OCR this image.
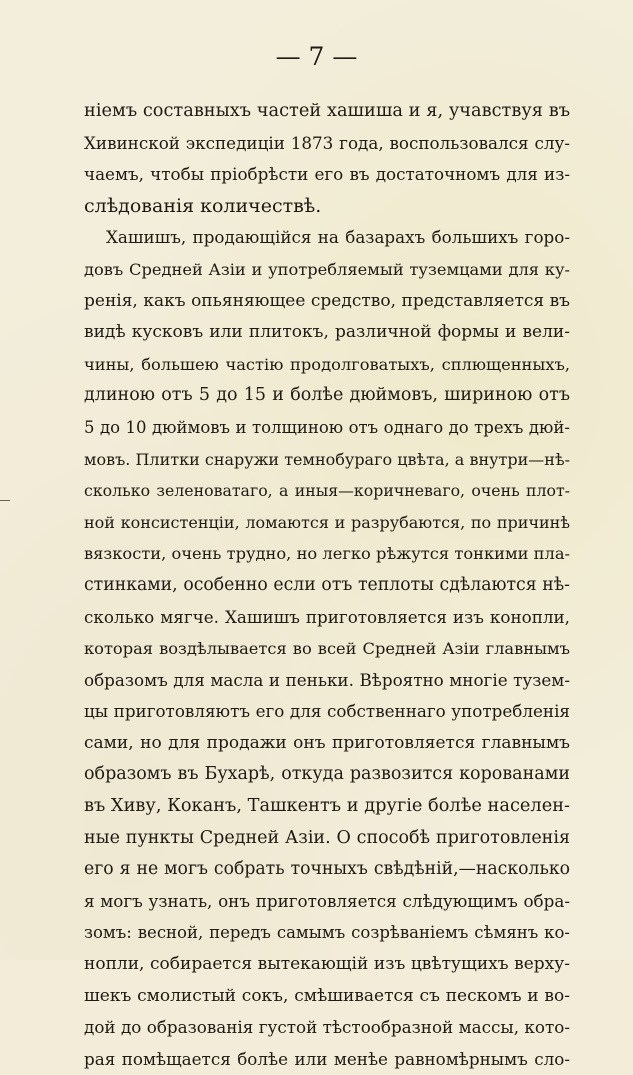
— 7 —
ніемъ составныхъ частей хашиша и я, учавствуя въ
Хивинской экспедиціи 1873 года, воспользовался слу-
чаемъ, чтобы пріобрѣсти его въ достаточномъ для из-
слѣдованія количествѣ.
Хашишъ, продающійся на базарахъ большихъ горо-
довъ Средней Азіи и употребляемый туземцами для ку-
ренія, какъ опьяняющее средство, представляется въ
видѣ кусковъ или плитокъ, различной формы и вели-
чины, большею частію продолговатыхъ, сплющенныхъ,
длиною отъ 5 до 15 и болѣе дюймовъ, шириною отъ
5 до 10 дюймовъ и толщиною отъ однаго до трехъ дюй-
мовъ. Плитки снаружи темнобураго цвѣта, а внутри—нѣ-
сколько зеленоватаго, а иныя—коричневаго, очень плот-
ной консистенціи, ломаются и разрубаются, по причинѣ
вязкости, очень трудно, но легко рѣжутся тонкими пла-
стинками, особенно если отъ теплоты сдѣлаются нѣ-
сколько мягче. Хашишъ приготовляется изъ конопли,
которая воздѣлывается во всей Средней Азіи главнымъ
образомъ для масла и пеньки. Вѣроятно многіе тузем-
цы приготовляютъ его для собственнаго употребленія
сами, но для продажи онъ приготовляется главнымъ
образомъ въ Бухарѣ, откуда развозится корованами
въ Хиву, Коканъ, Ташкентъ и другіе болѣе населен-
ные пункты Средней Азіи. О способѣ приготовленія
его я не могъ собрать точныхъ свѣдѣній,—насколько
я могъ узнать, онъ приготовляется слѣдующимъ обра-
зомъ: весной, передъ самымъ созрѣваніемъ сѣмянъ ко-
нопли, собирается вытекающій изъ цвѣтущихъ верху-
шекъ смолистый сокъ, смѣшивается съ пескомъ и во-
дой до образованія густой тѣстообразной массы, кото-
рая помѣщается болѣе или менѣе равномѣрнымъ сло-
